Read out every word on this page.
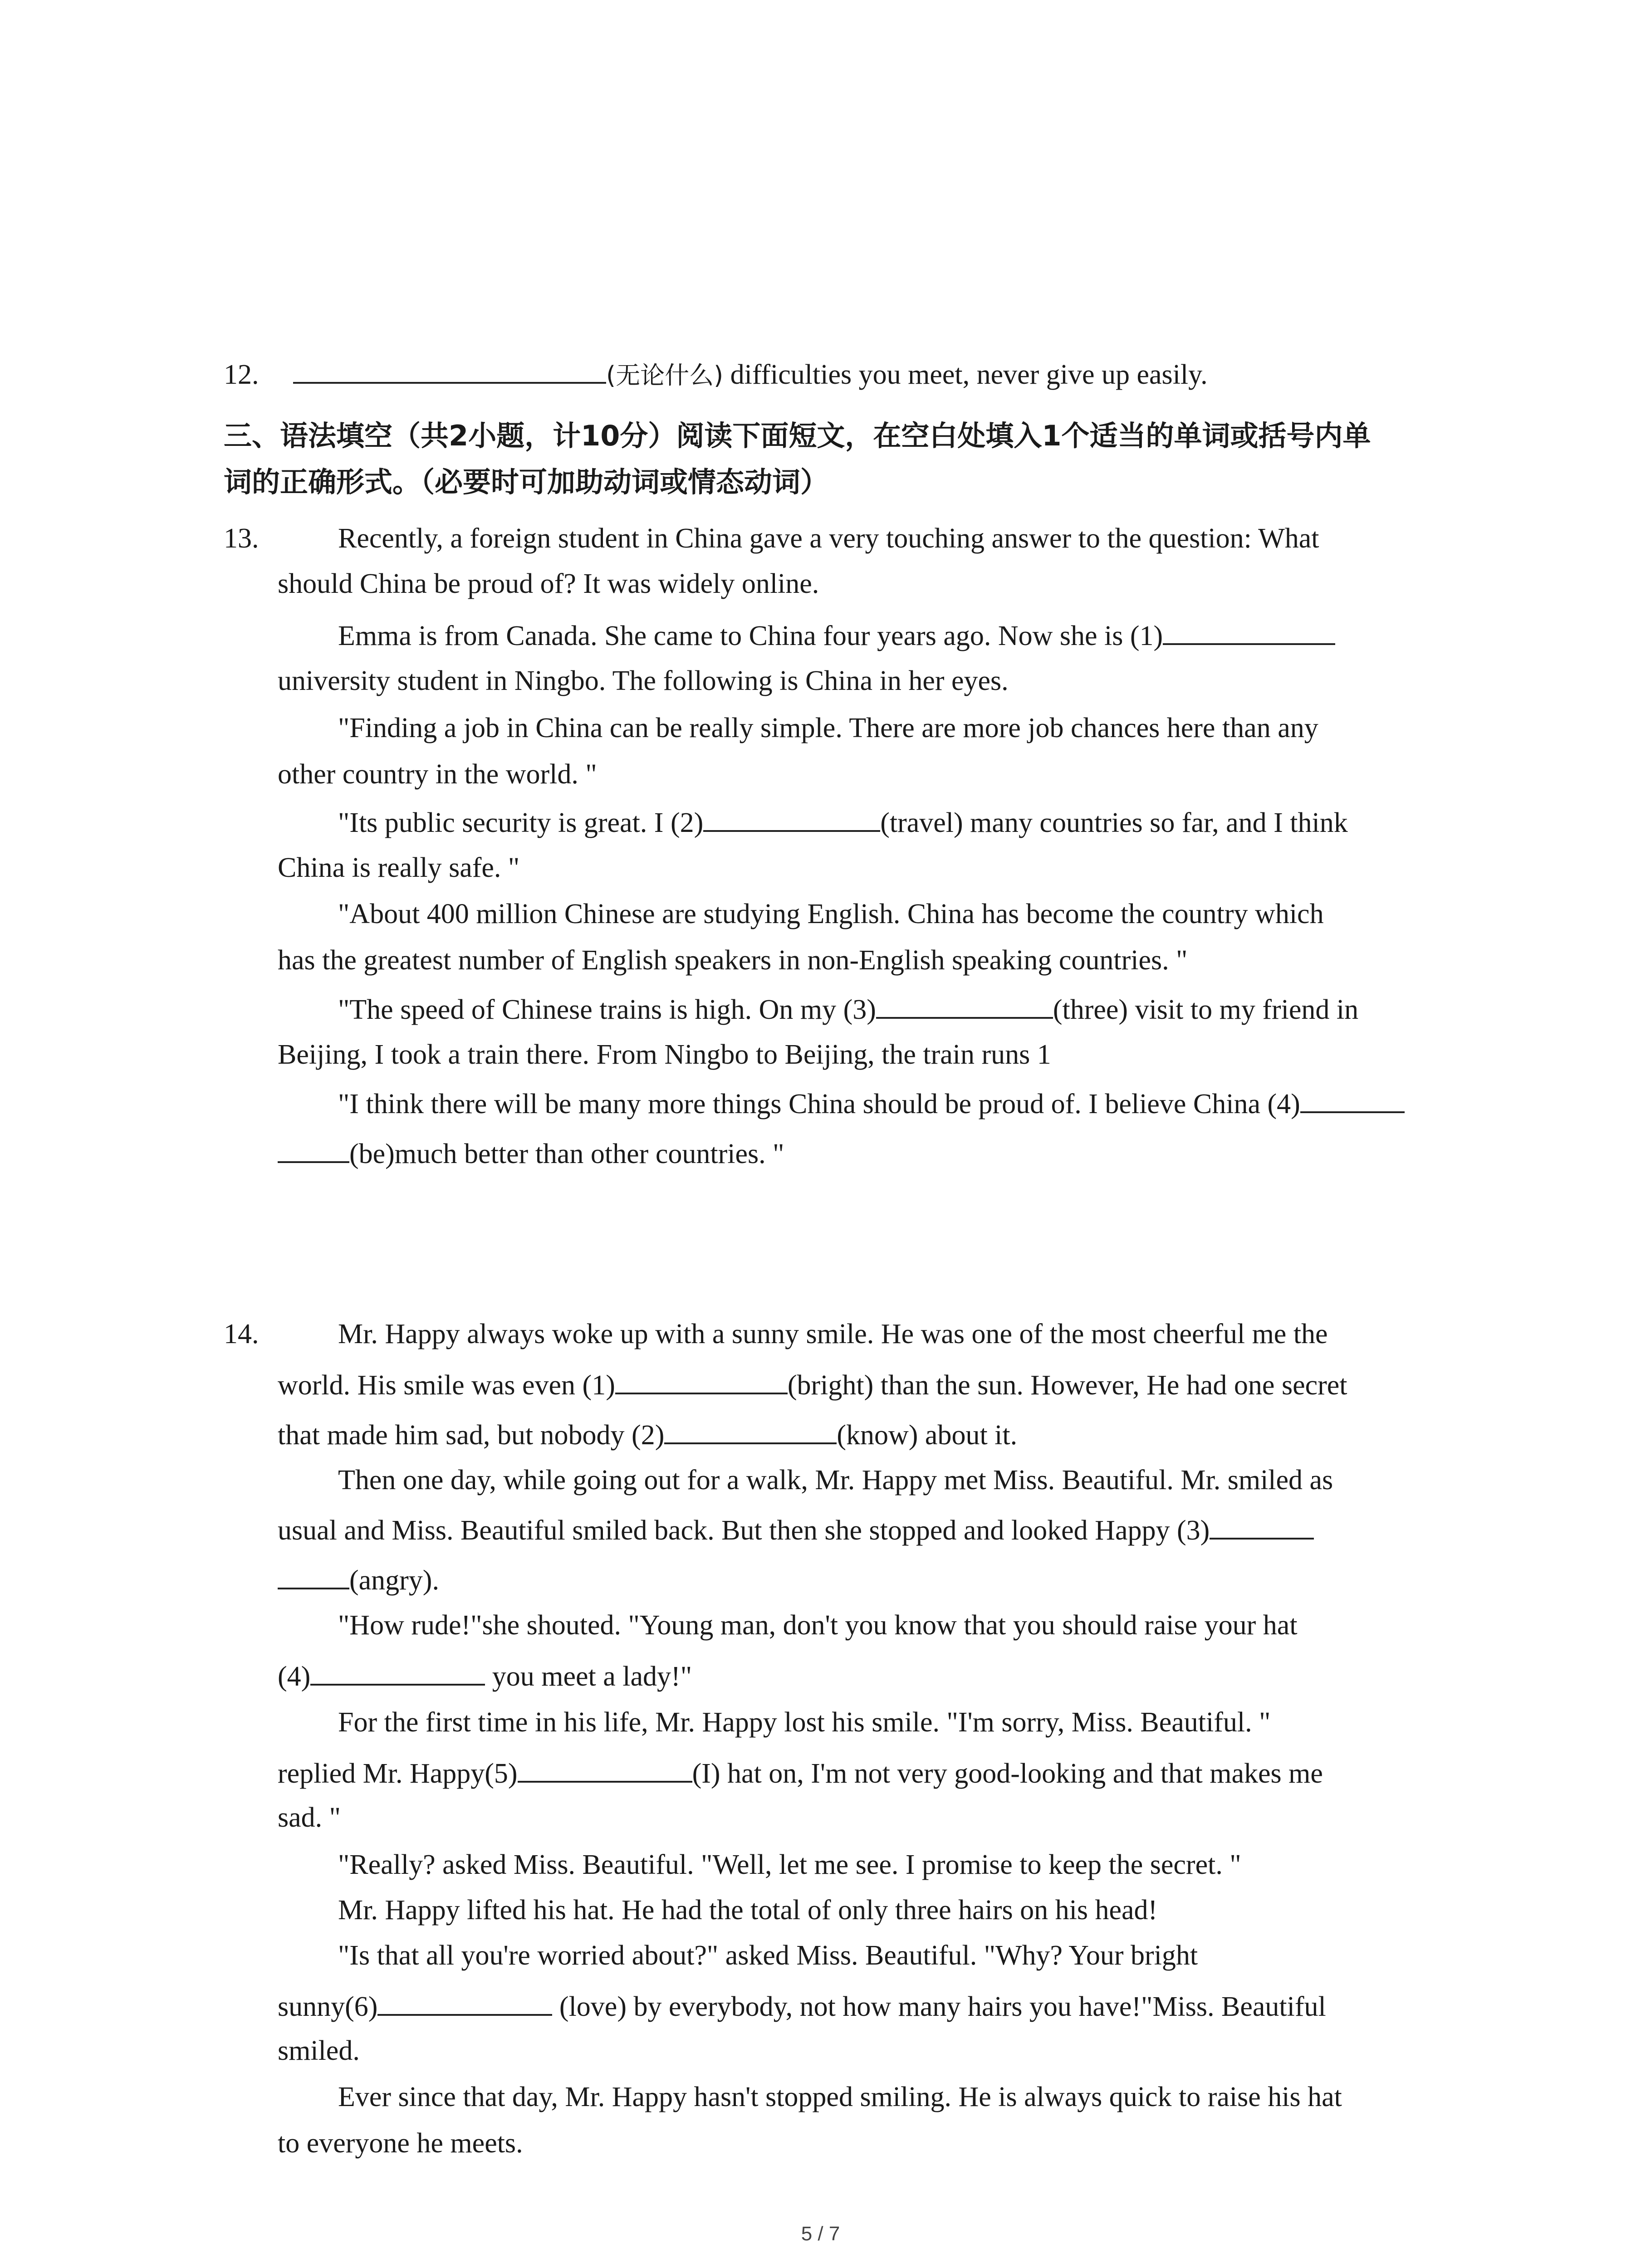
12.	(无论什么) difficulties you meet, never give up easily.
三、语法填空（共2小题，计10分）阅读下面短文，在空白处填入1个适当的单词或括号内单
词的正确形式。（必要时可加助动词或情态动词）
13.	Recently, a foreign student in China gave a very touching answer to the question: What
should China be proud of? It was widely online.
Emma is from Canada. She came to China four years ago. Now she is (1)
university student in Ningbo. The following is China in her eyes.
"Finding a job in China can be really simple. There are more job chances here than any
other country in the world. "
"Its public security is great. I (2)	(travel) many countries so far, and I think
China is really safe. "
"About 400 million Chinese are studying English. China has become the country which
has the greatest number of English speakers in non-English speaking countries. "
"The speed of Chinese trains is high. On my (3)	(three) visit to my friend in
Beijing, I took a train there. From Ningbo to Beijing, the train runs 1
"I think there will be many more things China should be proud of. I believe China (4)
(be)much better than other countries. "
14.	Mr. Happy always woke up with a sunny smile. He was one of the most cheerful me the
world. His smile was even (1)	(bright) than the sun. However, He had one secret
that made him sad, but nobody (2)	(know) about it.
Then one day, while going out for a walk, Mr. Happy met Miss. Beautiful. Mr. smiled as
usual and Miss. Beautiful smiled back. But then she stopped and looked Happy (3)
(angry).
"How rude!"she shouted. "Young man, don't you know that you should raise your hat
(4)	you meet a lady!"
For the first time in his life, Mr. Happy lost his smile. "I'm sorry, Miss. Beautiful. "
replied Mr. Happy(5)	(I) hat on, I'm not very good-looking and that makes me
sad. "
"Really? asked Miss. Beautiful. "Well, let me see. I promise to keep the secret. "
Mr. Happy lifted his hat. He had the total of only three hairs on his head!
"Is that all you're worried about?" asked Miss. Beautiful. "Why? Your bright
sunny(6)	(love) by everybody, not how many hairs you have!"Miss. Beautiful
smiled.
Ever since that day, Mr. Happy hasn't stopped smiling. He is always quick to raise his hat
to everyone he meets.
5 / 7
